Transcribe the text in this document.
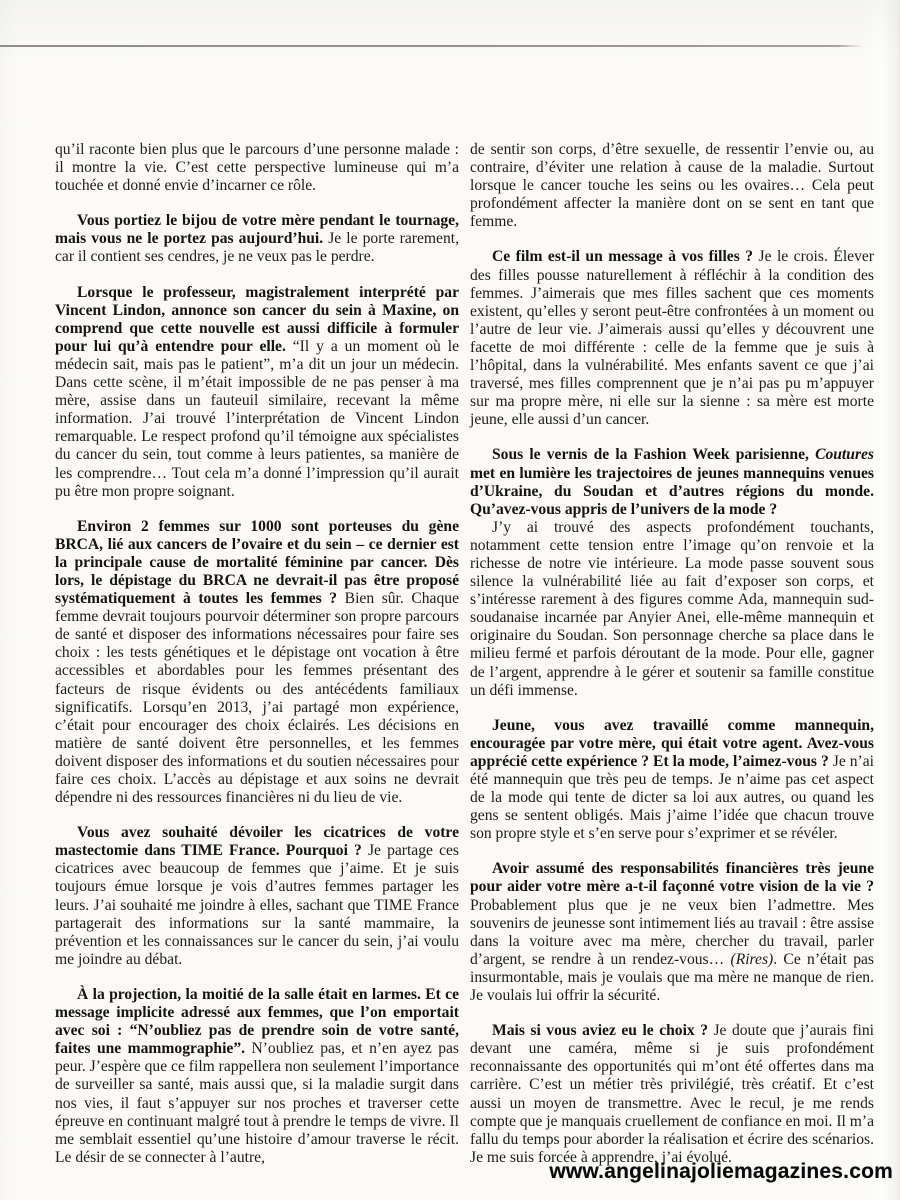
qu’il raconte bien plus que le parcours d’une personne malade : il montre la vie. C’est cette perspective lumineuse qui m’a touchée et donné envie d’incarner ce rôle.

Vous portiez le bijou de votre mère pendant le tournage, mais vous ne le portez pas aujourd’hui. Je le porte rarement, car il contient ses cendres, je ne veux pas le perdre.

Lorsque le professeur, magistralement interprété par Vincent Lindon, annonce son cancer du sein à Maxine, on comprend que cette nouvelle est aussi difficile à formuler pour lui qu’à entendre pour elle. “Il y a un moment où le médecin sait, mais pas le patient”, m’a dit un jour un médecin. Dans cette scène, il m’était impossible de ne pas penser à ma mère, assise dans un fauteuil similaire, recevant la même information. J’ai trouvé l’interprétation de Vincent Lindon remarquable. Le respect profond qu’il témoigne aux spécialistes du cancer du sein, tout comme à leurs patientes, sa manière de les comprendre… Tout cela m’a donné l’impression qu’il aurait pu être mon propre soignant.

Environ 2 femmes sur 1000 sont porteuses du gène BRCA, lié aux cancers de l’ovaire et du sein – ce dernier est la principale cause de mortalité féminine par cancer. Dès lors, le dépistage du BRCA ne devrait-il pas être proposé systématiquement à toutes les femmes ? Bien sûr. Chaque femme devrait toujours pourvoir déterminer son propre parcours de santé et disposer des informations nécessaires pour faire ses choix : les tests génétiques et le dépistage ont vocation à être accessibles et abordables pour les femmes présentant des facteurs de risque évidents ou des antécédents familiaux significatifs. Lorsqu’en 2013, j’ai partagé mon expérience, c’était pour encourager des choix éclairés. Les décisions en matière de santé doivent être personnelles, et les femmes doivent disposer des informations et du soutien nécessaires pour faire ces choix. L’accès au dépistage et aux soins ne devrait dépendre ni des ressources financières ni du lieu de vie.

Vous avez souhaité dévoiler les cicatrices de votre mastectomie dans TIME France. Pourquoi ? Je partage ces cicatrices avec beaucoup de femmes que j’aime. Et je suis toujours émue lorsque je vois d’autres femmes partager les leurs. J’ai souhaité me joindre à elles, sachant que TIME France partagerait des informations sur la santé mammaire, la prévention et les connaissances sur le cancer du sein, j’ai voulu me joindre au débat.

À la projection, la moitié de la salle était en larmes. Et ce message implicite adressé aux femmes, que l’on emportait avec soi : “N’oubliez pas de prendre soin de votre santé, faites une mammographie”. N’oubliez pas, et n’en ayez pas peur. J’espère que ce film rappellera non seulement l’importance de surveiller sa santé, mais aussi que, si la maladie surgit dans nos vies, il faut s’appuyer sur nos proches et traverser cette épreuve en continuant malgré tout à prendre le temps de vivre. Il me semblait essentiel qu’une histoire d’amour traverse le récit. Le désir de se connecter à l’autre,

de sentir son corps, d’être sexuelle, de ressentir l’envie ou, au contraire, d’éviter une relation à cause de la maladie. Surtout lorsque le cancer touche les seins ou les ovaires… Cela peut profondément affecter la manière dont on se sent en tant que femme.

Ce film est-il un message à vos filles ? Je le crois. Élever des filles pousse naturellement à réfléchir à la condition des femmes. J’aimerais que mes filles sachent que ces moments existent, qu’elles y seront peut-être confrontées à un moment ou l’autre de leur vie. J’aimerais aussi qu’elles y découvrent une facette de moi différente : celle de la femme que je suis à l’hôpital, dans la vulnérabilité. Mes enfants savent ce que j’ai traversé, mes filles comprennent que je n’ai pas pu m’appuyer sur ma propre mère, ni elle sur la sienne : sa mère est morte jeune, elle aussi d’un cancer.

Sous le vernis de la Fashion Week parisienne, Coutures met en lumière les trajectoires de jeunes mannequins venues d’Ukraine, du Soudan et d’autres régions du monde. Qu’avez-vous appris de l’univers de la mode ?

J’y ai trouvé des aspects profondément touchants, notamment cette tension entre l’image qu’on renvoie et la richesse de notre vie intérieure. La mode passe souvent sous silence la vulnérabilité liée au fait d’exposer son corps, et s’intéresse rarement à des figures comme Ada, mannequin sud-soudanaise incarnée par Anyier Anei, elle-même mannequin et originaire du Soudan. Son personnage cherche sa place dans le milieu fermé et parfois déroutant de la mode. Pour elle, gagner de l’argent, apprendre à le gérer et soutenir sa famille constitue un défi immense.

Jeune, vous avez travaillé comme mannequin, encouragée par votre mère, qui était votre agent. Avez-vous apprécié cette expérience ? Et la mode, l’aimez-vous ? Je n’ai été mannequin que très peu de temps. Je n’aime pas cet aspect de la mode qui tente de dicter sa loi aux autres, ou quand les gens se sentent obligés. Mais j’aime l’idée que chacun trouve son propre style et s’en serve pour s’exprimer et se révéler.

Avoir assumé des responsabilités financières très jeune pour aider votre mère a-t-il façonné votre vision de la vie ? Probablement plus que je ne veux bien l’admettre. Mes souvenirs de jeunesse sont intimement liés au travail : être assise dans la voiture avec ma mère, chercher du travail, parler d’argent, se rendre à un rendez-vous… (Rires). Ce n’était pas insurmontable, mais je voulais que ma mère ne manque de rien. Je voulais lui offrir la sécurité.

Mais si vous aviez eu le choix ? Je doute que j’aurais fini devant une caméra, même si je suis profondément reconnaissante des opportunités qui m’ont été offertes dans ma carrière. C’est un métier très privilégié, très créatif. Et c’est aussi un moyen de transmettre. Avec le recul, je me rends compte que je manquais cruellement de confiance en moi. Il m’a fallu du temps pour aborder la réalisation et écrire des scénarios. Je me suis forcée à apprendre, j’ai évolué.

www.angelinajoliemagazines.com
